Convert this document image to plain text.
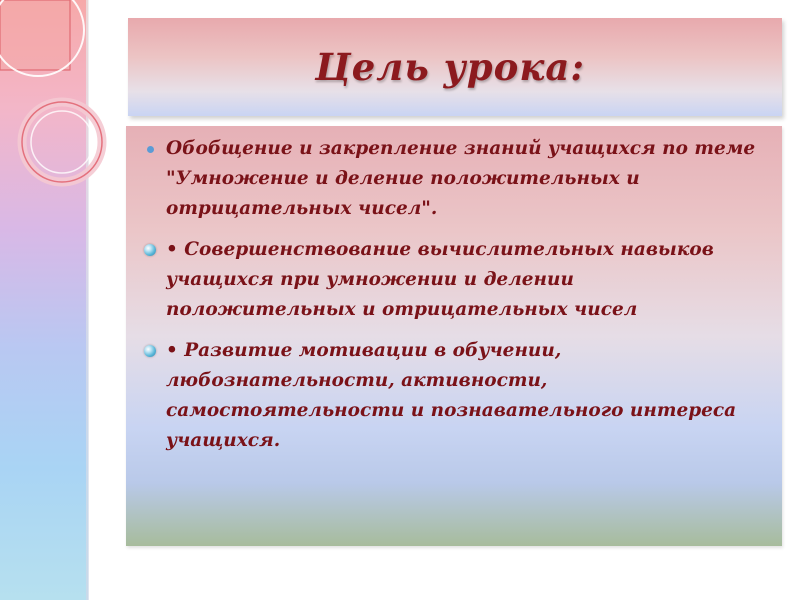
Цель урока:
Обобщение и закрепление знаний учащихся по теме "Умножение и деление положительных и отрицательных чисел".
• Совершенствование вычислительных навыков учащихся при умножении и делении положительных и отрицательных чисел
• Развитие мотивации в обучении, любознательности, активности, самостоятельности и познавательного интереса учащихся.
